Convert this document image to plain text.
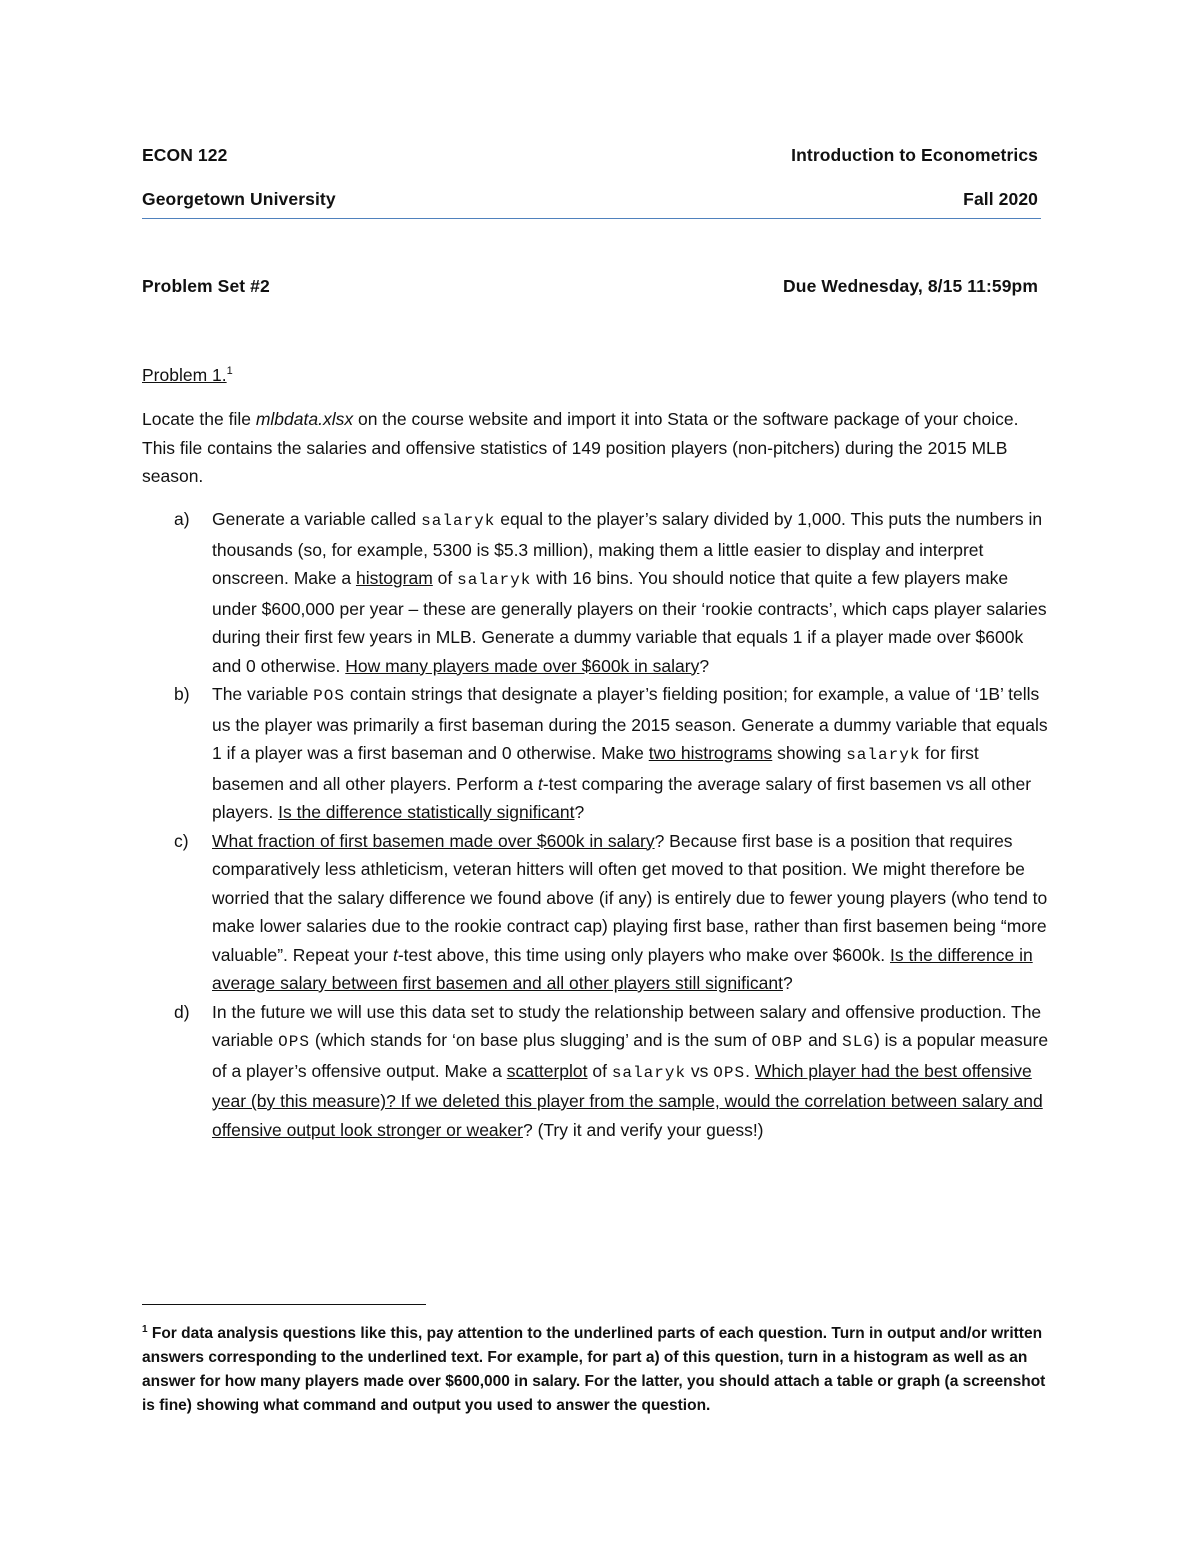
ECON 122	Introduction to Econometrics
Georgetown University	Fall 2020
Problem Set #2	Due Wednesday, 8/15 11:59pm
Problem 1.$^1$
Locate the file mlbdata.xlsx on the course website and import it into Stata or the software package of your choice. This file contains the salaries and offensive statistics of 149 position players (non-pitchers) during the 2015 MLB season.
a) Generate a variable called salaryk equal to the player’s salary divided by 1,000. This puts the numbers in thousands (so, for example, 5300 is $5.3 million), making them a little easier to display and interpret onscreen. Make a histogram of salaryk with 16 bins. You should notice that quite a few players make under $600,000 per year – these are generally players on their ‘rookie contracts’, which caps player salaries during their first few years in MLB. Generate a dummy variable that equals 1 if a player made over $600k and 0 otherwise. How many players made over $600k in salary?
b) The variable POS contain strings that designate a player’s fielding position; for example, a value of ‘1B’ tells us the player was primarily a first baseman during the 2015 season. Generate a dummy variable that equals 1 if a player was a first baseman and 0 otherwise. Make two histrograms showing salaryk for first basemen and all other players. Perform a t-test comparing the average salary of first basemen vs all other players. Is the difference statistically significant?
c) What fraction of first basemen made over $600k in salary? Because first base is a position that requires comparatively less athleticism, veteran hitters will often get moved to that position. We might therefore be worried that the salary difference we found above (if any) is entirely due to fewer young players (who tend to make lower salaries due to the rookie contract cap) playing first base, rather than first basemen being “more valuable”. Repeat your t-test above, this time using only players who make over $600k. Is the difference in average salary between first basemen and all other players still significant?
d) In the future we will use this data set to study the relationship between salary and offensive production. The variable OPS (which stands for ‘on base plus slugging’ and is the sum of OBP and SLG) is a popular measure of a player’s offensive output. Make a scatterplot of salaryk vs OPS. Which player had the best offensive year (by this measure)? If we deleted this player from the sample, would the correlation between salary and offensive output look stronger or weaker? (Try it and verify your guess!)
$^1$ For data analysis questions like this, pay attention to the underlined parts of each question. Turn in output and/or written answers corresponding to the underlined text. For example, for part a) of this question, turn in a histogram as well as an answer for how many players made over $600,000 in salary. For the latter, you should attach a table or graph (a screenshot is fine) showing what command and output you used to answer the question.
